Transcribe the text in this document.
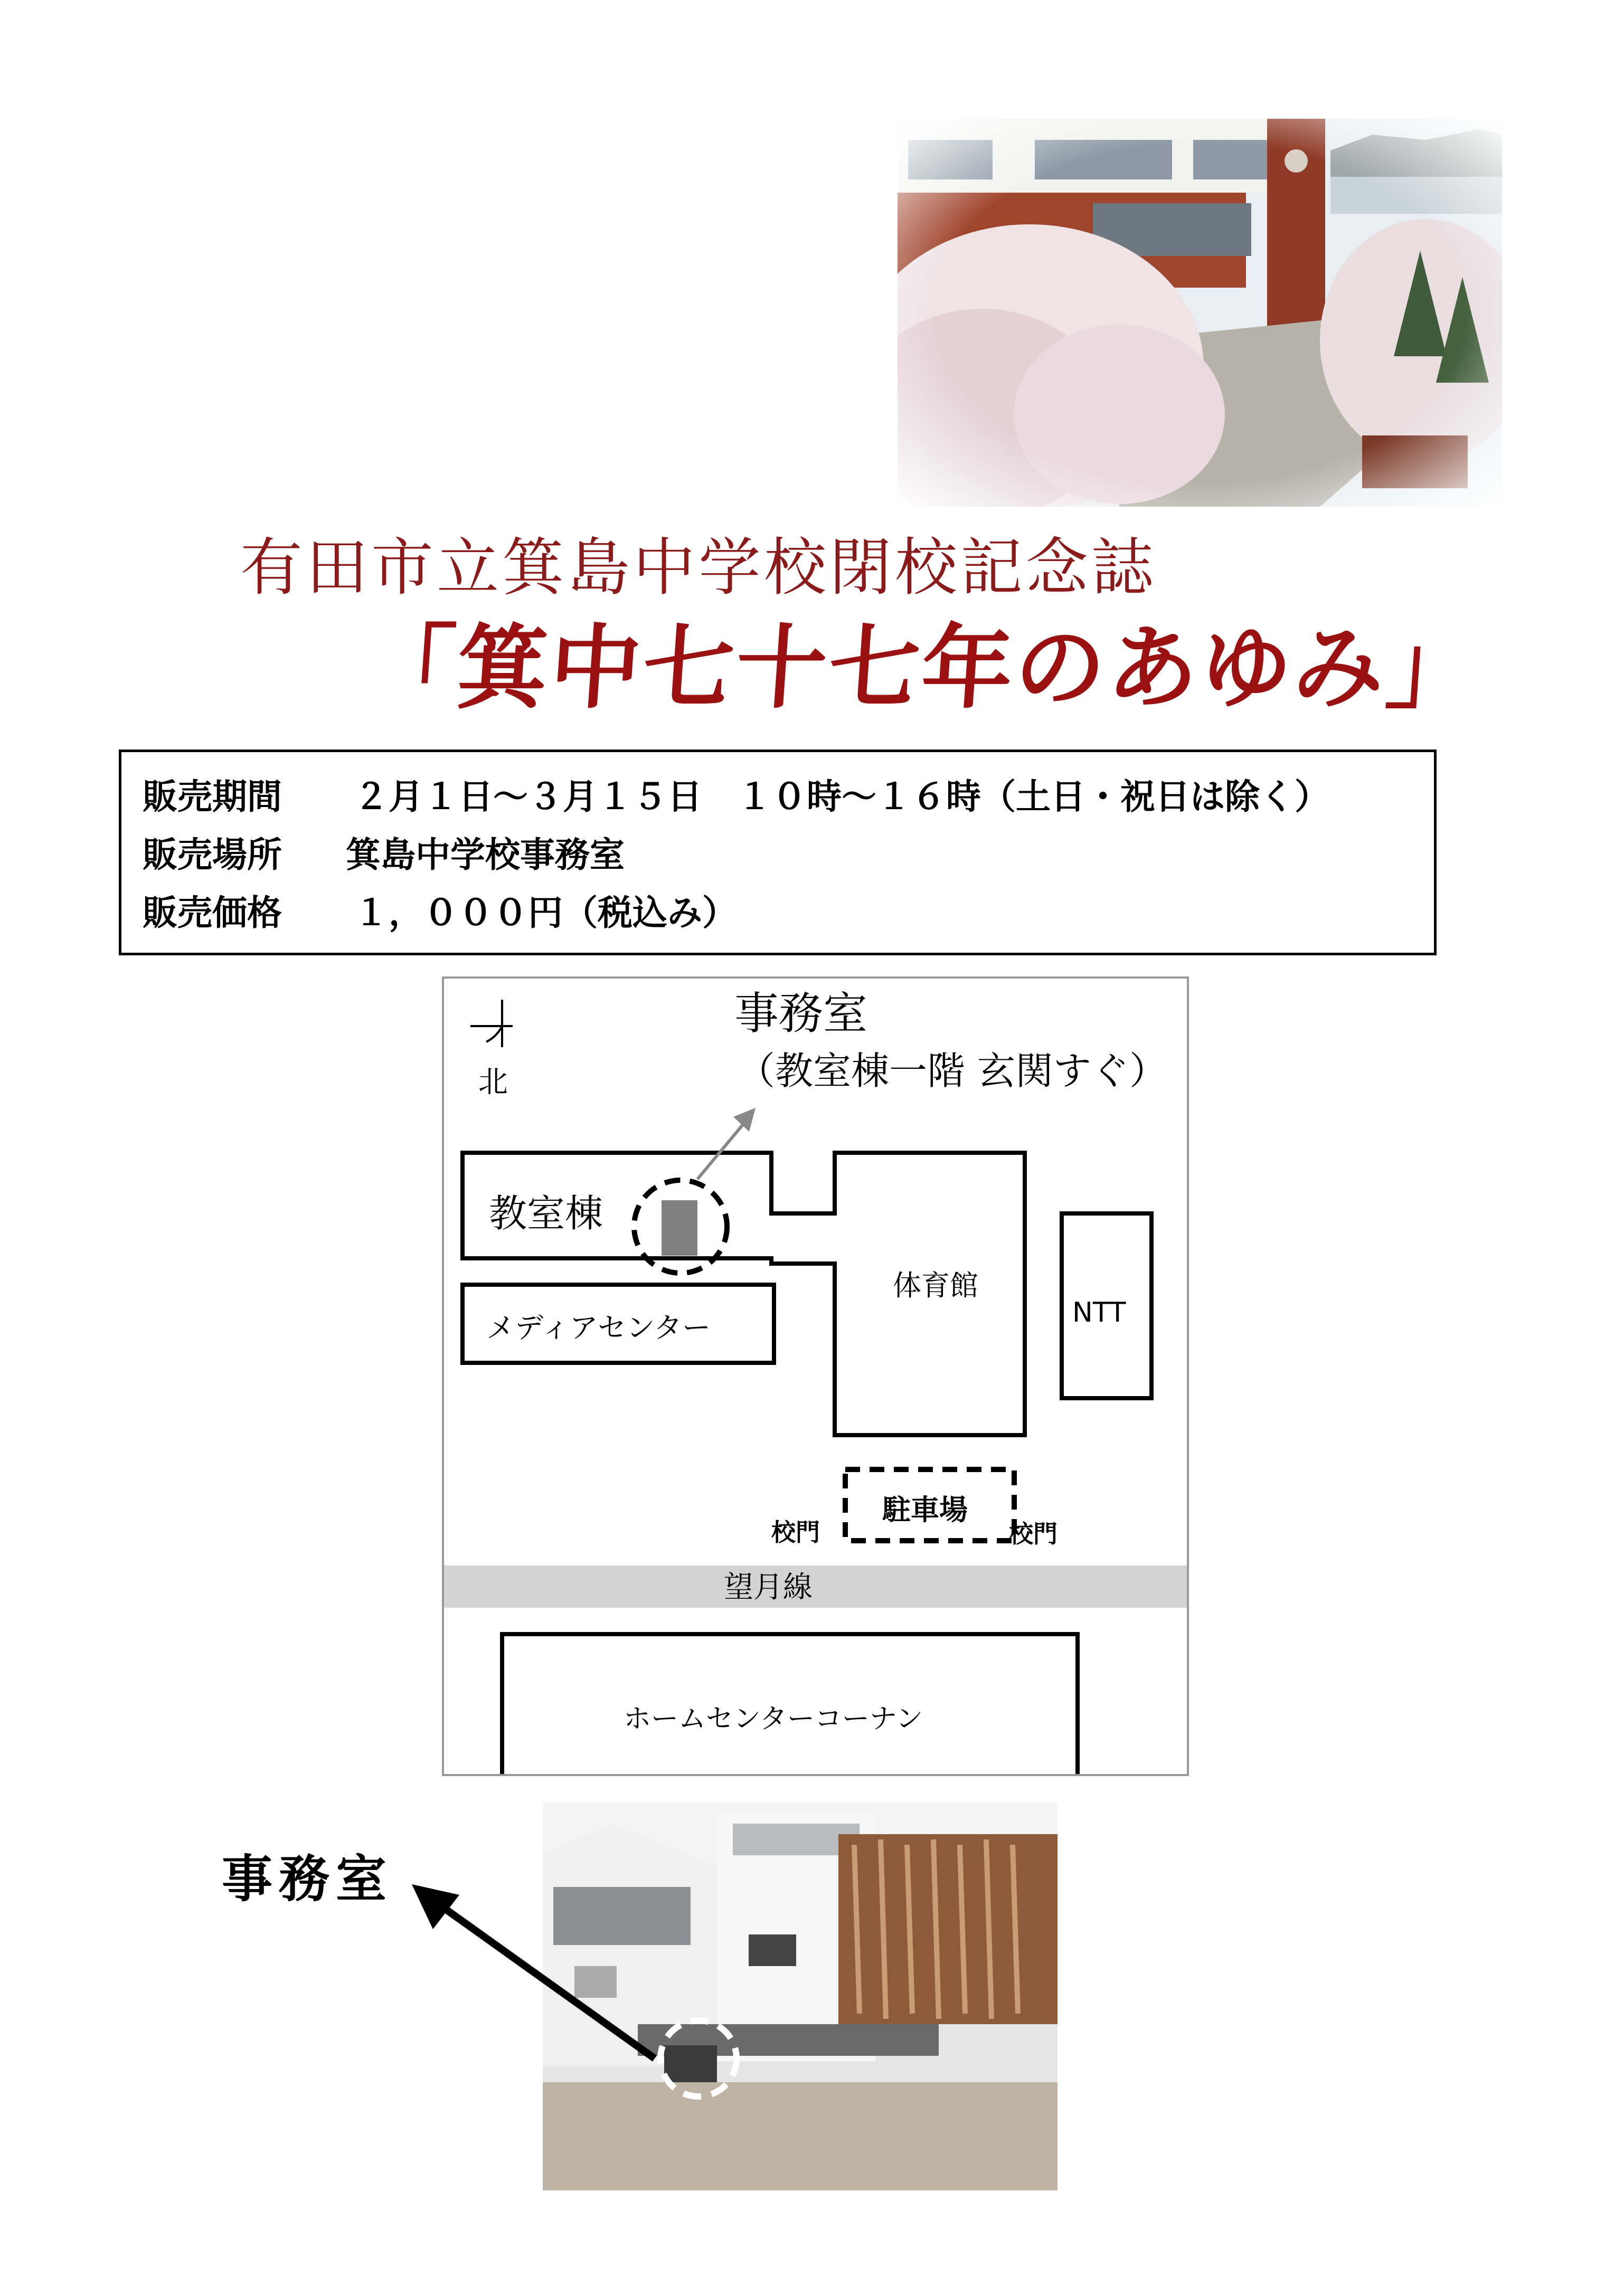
有田市立箕島中学校閉校記念誌
「箕中七十七年のあゆみ」
販売期間 ２月１日～３月１５日　１０時～１６時（土日・祝日は除く）
販売場所 箕島中学校事務室
販売価格 １，０００円（税込み）
北
事務室
（教室棟一階 玄関すぐ）
教室棟
メディアセンター
体育館
NTT
駐車場
校門	校門
望月線
ホームセンターコーナン
事務室
